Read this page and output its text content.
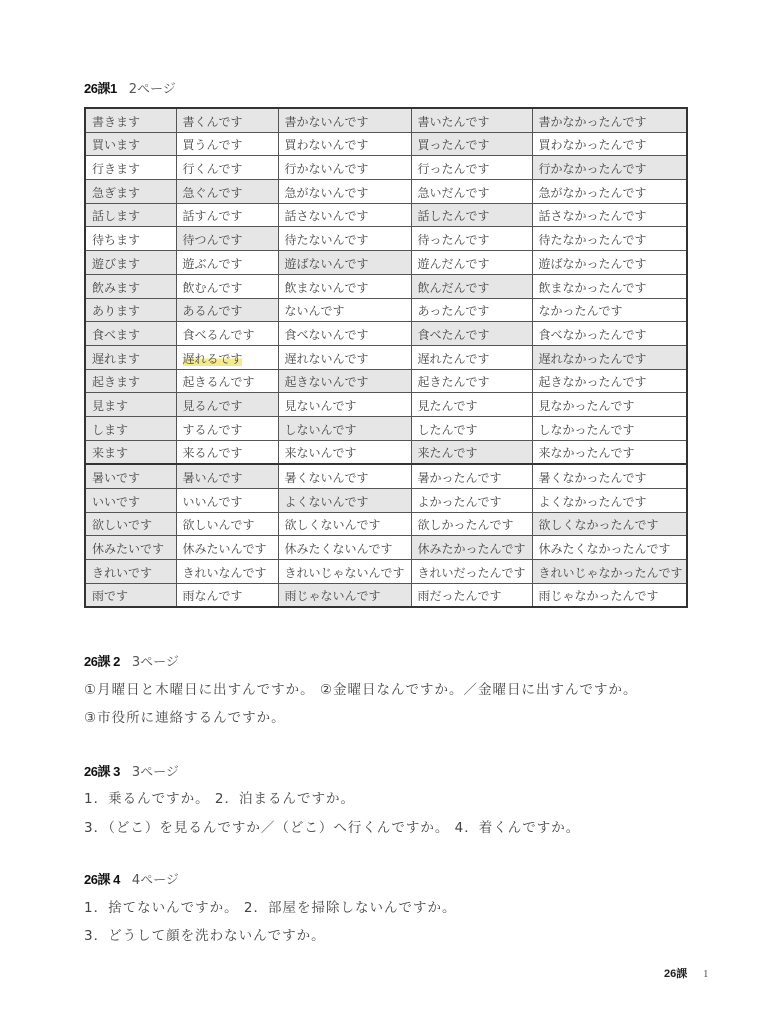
26課1 2ページ
書きます	書くんです	書かないんです	書いたんです	書かなかったんです
買います	買うんです	買わないんです	買ったんです	買わなかったんです
行きます	行くんです	行かないんです	行ったんです	行かなかったんです
急ぎます	急ぐんです	急がないんです	急いだんです	急がなかったんです
話します	話すんです	話さないんです	話したんです	話さなかったんです
待ちます	待つんです	待たないんです	待ったんです	待たなかったんです
遊びます	遊ぶんです	遊ばないんです	遊んだんです	遊ばなかったんです
飲みます	飲むんです	飲まないんです	飲んだんです	飲まなかったんです
あります	あるんです	ないんです	あったんです	なかったんです
食べます	食べるんです	食べないんです	食べたんです	食べなかったんです
遅れます	遅れるです	遅れないんです	遅れたんです	遅れなかったんです
起きます	起きるんです	起きないんです	起きたんです	起きなかったんです
見ます	見るんです	見ないんです	見たんです	見なかったんです
します	するんです	しないんです	したんです	しなかったんです
来ます	来るんです	来ないんです	来たんです	来なかったんです
暑いです	暑いんです	暑くないんです	暑かったんです	暑くなかったんです
いいです	いいんです	よくないんです	よかったんです	よくなかったんです
欲しいです	欲しいんです	欲しくないんです	欲しかったんです	欲しくなかったんです
休みたいです	休みたいんです	休みたくないんです	休みたかったんです	休みたくなかったんです
きれいです	きれいなんです	きれいじゃないんです	きれいだったんです	きれいじゃなかったんです
雨です	雨なんです	雨じゃないんです	雨だったんです	雨じゃなかったんです
26課 2 3ページ
①月曜日と木曜日に出すんですか。 ②金曜日なんですか。／金曜日に出すんですか。
③市役所に連絡するんですか。
26課 3 3ページ
1．乗るんですか。 2．泊まるんですか。
3．（どこ）を見るんですか／（どこ）へ行くんですか。 4．着くんですか。
26課 4 4ページ
1．捨てないんですか。 2．部屋を掃除しないんですか。
3．どうして顔を洗わないんですか。
26課 1
